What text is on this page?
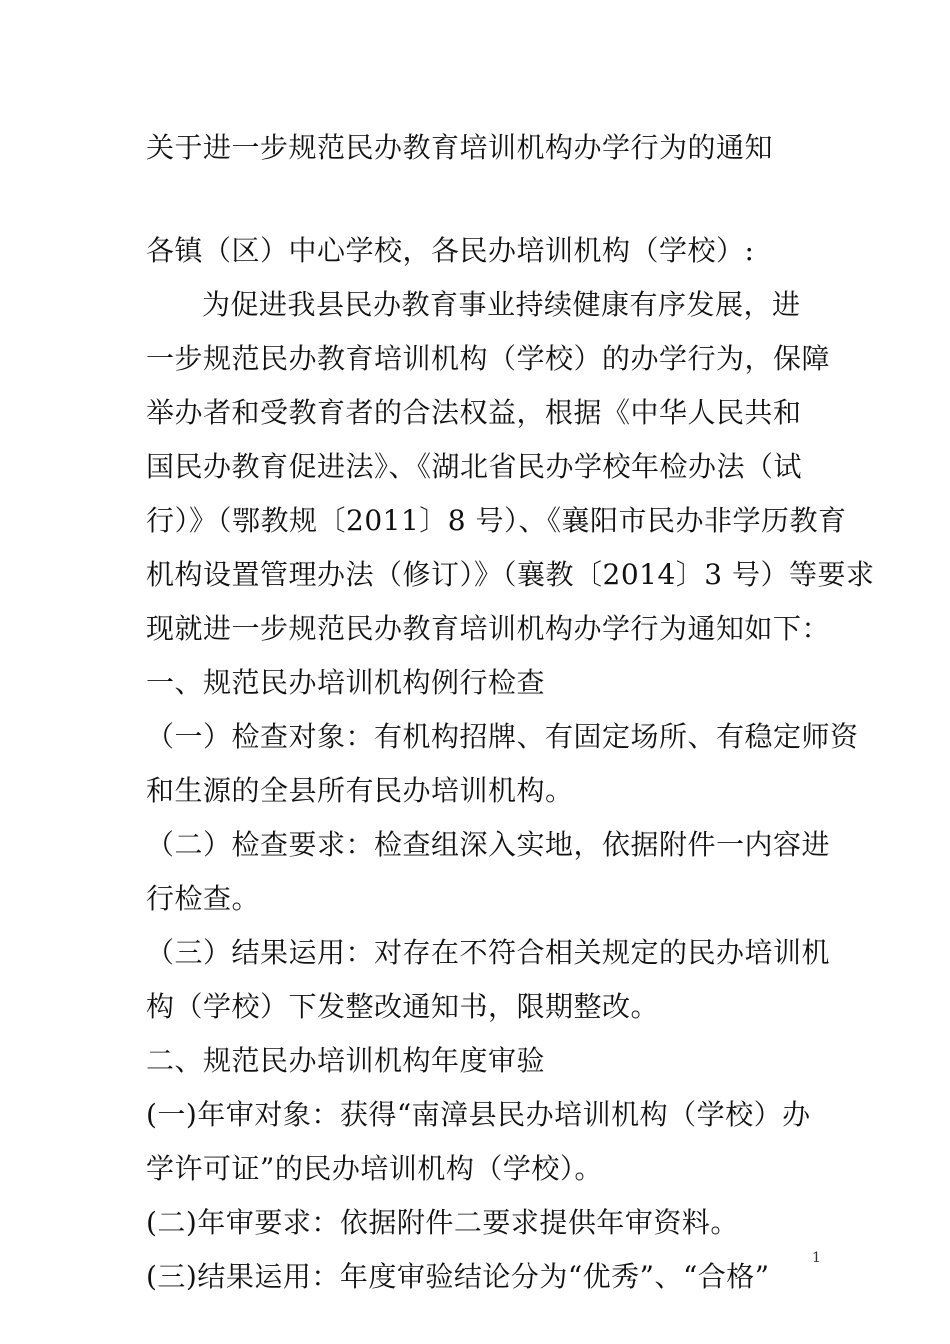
关于进一步规范民办教育培训机构办学行为的通知
各镇（区）中心学校，各民办培训机构（学校）:
为促进我县民办教育事业持续健康有序发展，进
一步规范民办教育培训机构（学校）的办学行为，保障
举办者和受教育者的合法权益，根据《中华人民共和
国民办教育促进法》、《湖北省民办学校年检办法（试
行）》（鄂教规〔2011〕8 号）、《襄阳市民办非学历教育
机构设置管理办法（修订）》（襄教〔2014〕3 号）等要求
现就进一步规范民办教育培训机构办学行为通知如下：
一、规范民办培训机构例行检查
（一）检查对象：有机构招牌、有固定场所、有稳定师资
和生源的全县所有民办培训机构。
（二）检查要求：检查组深入实地，依据附件一内容进
行检查。
（三）结果运用：对存在不符合相关规定的民办培训机
构（学校）下发整改通知书，限期整改。
二、规范民办培训机构年度审验
(一)年审对象：获得“南漳县民办培训机构（学校）办
学许可证”的民办培训机构（学校）。
(二)年审要求：依据附件二要求提供年审资料。
(三)结果运用：年度审验结论分为“优秀”、“合格”
1
